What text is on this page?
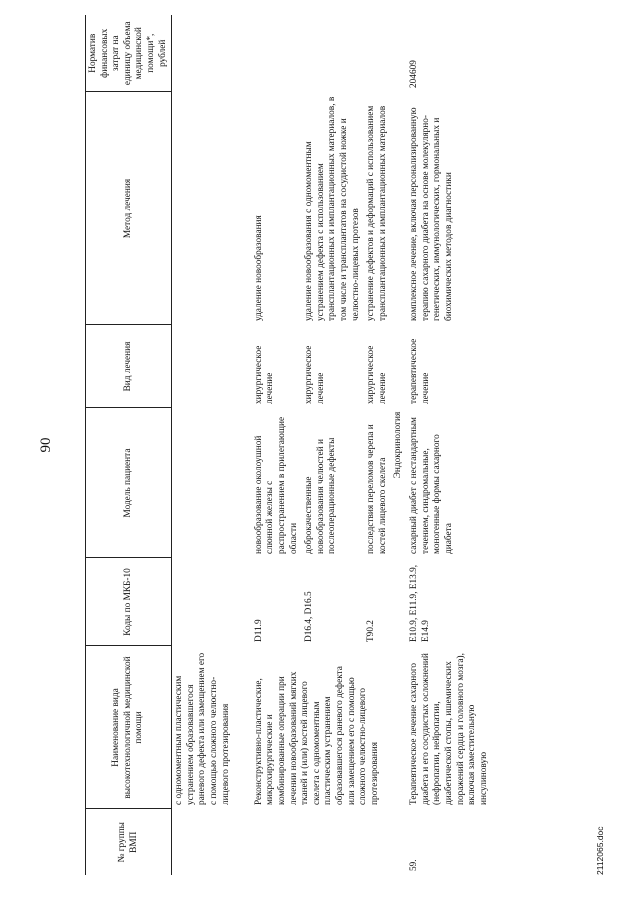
90
№ группы ВМП	Наименование вида высокотехнологичной медицинской помощи	Коды по МКБ-10	Модель пациента	Вид лечения	Метод лечения	Норматив финансовых затрат на единицу объема медицинской помощи*, рублей
	с одномоментным пластическим устранением образовавшегося раневого дефекта или замещением его с помощью сложного челюстно-лицевого протезирования					
	Реконструктивно-пластические, микрохирургические и комбинированные операции при лечении новообразований мягких тканей и (или) костей лицевого скелета с одномоментным пластическим устранением образовавшегося раневого дефекта или замещением его с помощью сложного челюстно-лицевого протезирования	D11.9	новообразование околоушной слюнной железы с распространением в прилегающие области	хирургическое лечение	удаление новообразования	
		D16.4, D16.5	доброкачественные новообразования челюстей и послеоперационные дефекты	хирургическое лечение	удаление новообразования с одномоментным устранением дефекта с использованием трансплантационных и имплантационных материалов, в том числе и трансплантатов на сосудистой ножке и челюстно-лицевых протезов	
		T90.2	последствия переломов черепа и костей лицевого скелета	хирургическое лечение	устранение дефектов и деформаций с использованием трансплантационных и имплантационных материалов	
Эндокринология						
59.	Терапевтическое лечение сахарного диабета и его сосудистых осложнений (нефропатии, нейропатии, диабетической стопы, ишемических поражений сердца и головного мозга), включая заместительную инсулиновую	E10.9, E11.9, E13.9, E14.9	сахарный диабет с нестандартным течением, синдромальные, моногенные формы сахарного диабета	терапевтическое лечение	комплексное лечение, включая персонализированную терапию сахарного диабета на основе молекулярно-генетических, иммунологических, гормональных и биохимических методов диагностики	204609
2112065.doc
